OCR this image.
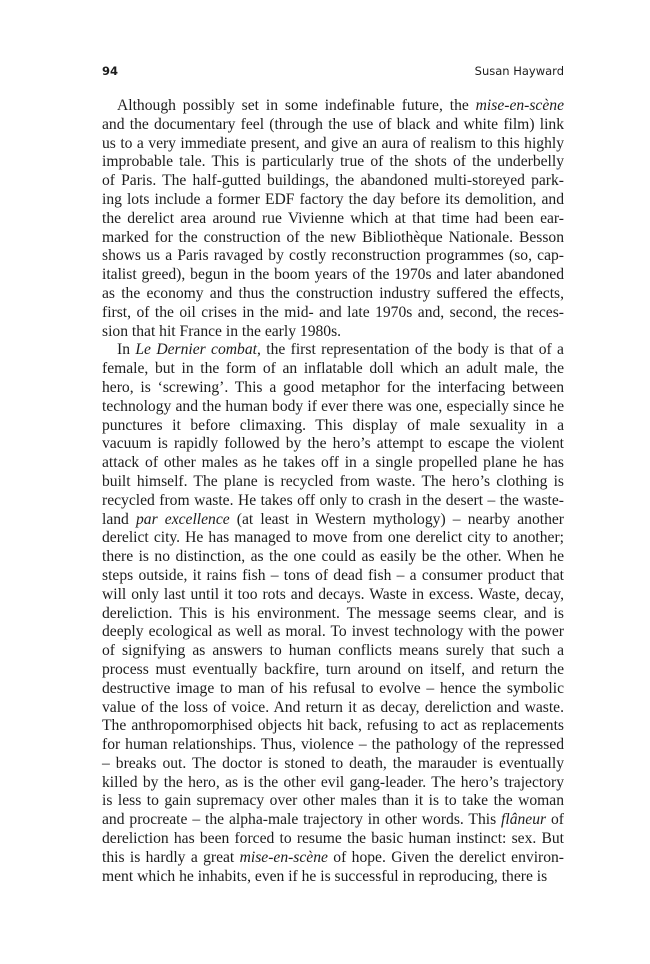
94	Susan Hayward
Although possibly set in some indefinable future, the mise-en-scène
and the documentary feel (through the use of black and white film) link
us to a very immediate present, and give an aura of realism to this highly
improbable tale. This is particularly true of the shots of the underbelly
of Paris. The half-gutted buildings, the abandoned multi-storeyed park-
ing lots include a former EDF factory the day before its demolition, and
the derelict area around rue Vivienne which at that time had been ear-
marked for the construction of the new Bibliothèque Nationale. Besson
shows us a Paris ravaged by costly reconstruction programmes (so, cap-
italist greed), begun in the boom years of the 1970s and later abandoned
as the economy and thus the construction industry suffered the effects,
first, of the oil crises in the mid- and late 1970s and, second, the reces-
sion that hit France in the early 1980s.
In Le Dernier combat, the first representation of the body is that of a
female, but in the form of an inflatable doll which an adult male, the
hero, is ‘screwing’. This a good metaphor for the interfacing between
technology and the human body if ever there was one, especially since he
punctures it before climaxing. This display of male sexuality in a
vacuum is rapidly followed by the hero’s attempt to escape the violent
attack of other males as he takes off in a single propelled plane he has
built himself. The plane is recycled from waste. The hero’s clothing is
recycled from waste. He takes off only to crash in the desert – the waste-
land par excellence (at least in Western mythology) – nearby another
derelict city. He has managed to move from one derelict city to another;
there is no distinction, as the one could as easily be the other. When he
steps outside, it rains fish – tons of dead fish – a consumer product that
will only last until it too rots and decays. Waste in excess. Waste, decay,
dereliction. This is his environment. The message seems clear, and is
deeply ecological as well as moral. To invest technology with the power
of signifying as answers to human conflicts means surely that such a
process must eventually backfire, turn around on itself, and return the
destructive image to man of his refusal to evolve – hence the symbolic
value of the loss of voice. And return it as decay, dereliction and waste.
The anthropomorphised objects hit back, refusing to act as replacements
for human relationships. Thus, violence – the pathology of the repressed
– breaks out. The doctor is stoned to death, the marauder is eventually
killed by the hero, as is the other evil gang-leader. The hero’s trajectory
is less to gain supremacy over other males than it is to take the woman
and procreate – the alpha-male trajectory in other words. This flâneur of
dereliction has been forced to resume the basic human instinct: sex. But
this is hardly a great mise-en-scène of hope. Given the derelict environ-
ment which he inhabits, even if he is successful in reproducing, there is
